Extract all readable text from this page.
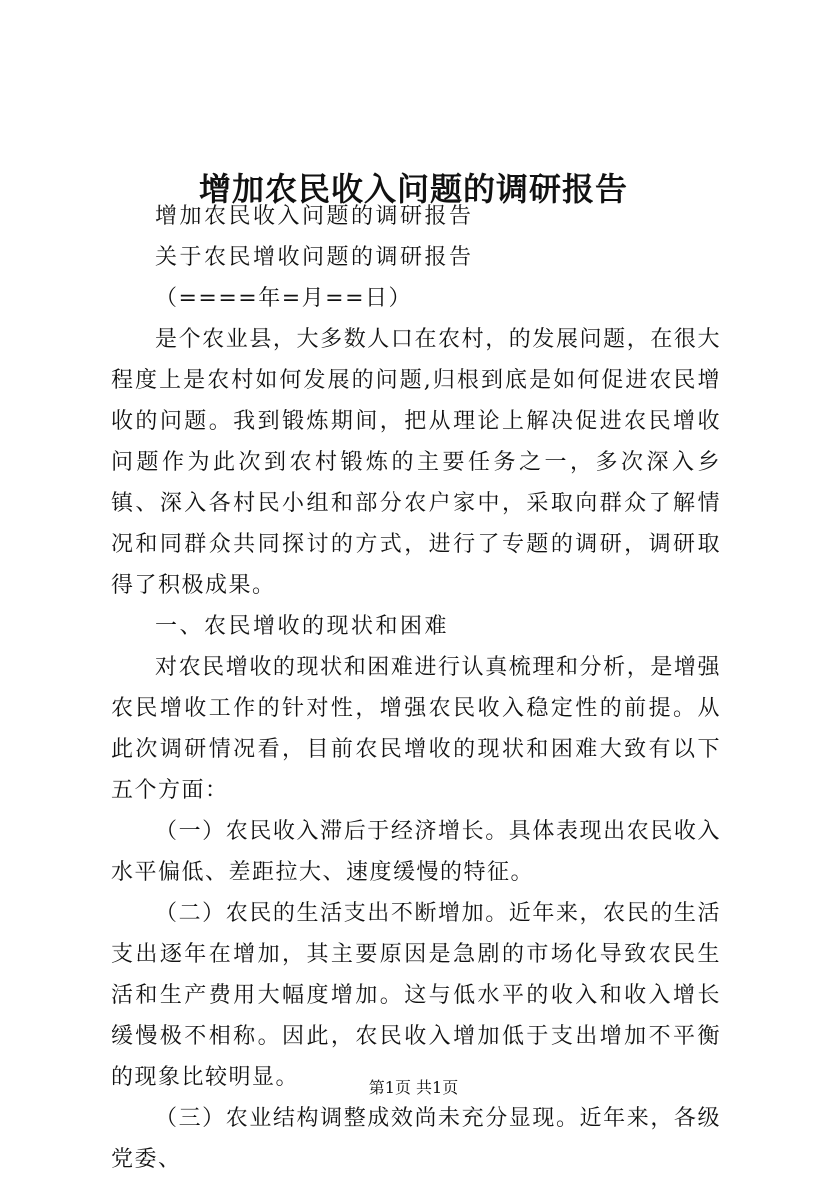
增加农民收入问题的调研报告

增加农民收入问题的调研报告

关于农民增收问题的调研报告

（====年=月==日）

是个农业县，大多数人口在农村，的发展问题，在很大程度上是农村如何发展的问题,归根到底是如何促进农民增收的问题。我到锻炼期间，把从理论上解决促进农民增收问题作为此次到农村锻炼的主要任务之一，多次深入乡镇、深入各村民小组和部分农户家中，采取向群众了解情况和同群众共同探讨的方式，进行了专题的调研，调研取得了积极成果。

一、农民增收的现状和困难

对农民增收的现状和困难进行认真梳理和分析，是增强农民增收工作的针对性，增强农民收入稳定性的前提。从此次调研情况看，目前农民增收的现状和困难大致有以下五个方面：

（一）农民收入滞后于经济增长。具体表现出农民收入水平偏低、差距拉大、速度缓慢的特征。

（二）农民的生活支出不断增加。近年来，农民的生活支出逐年在增加，其主要原因是急剧的市场化导致农民生活和生产费用大幅度增加。这与低水平的收入和收入增长缓慢极不相称。因此，农民收入增加低于支出增加不平衡的现象比较明显。

（三）农业结构调整成效尚未充分显现。近年来，各级党委、

第1页 共1页
